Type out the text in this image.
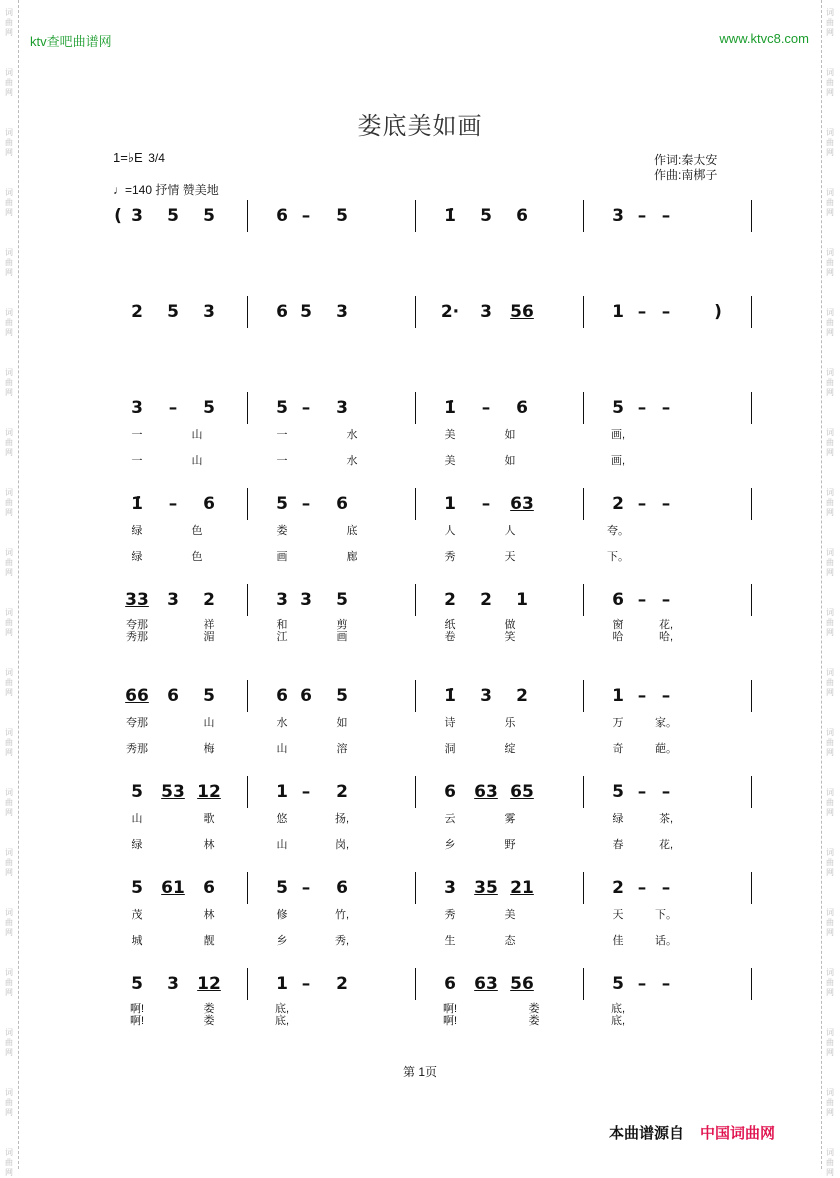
词
曲
网
词
曲
网
词
曲
网
词
曲
网
词
曲
网
词
曲
网
词
曲
网
词
曲
网
词
曲
网
词
曲
网
词
曲
网
词
曲
网
词
曲
网
词
曲
网
词
曲
网
词
曲
网
词
曲
网
词
曲
网
词
曲
网
词
曲
网
词
曲
网
词
曲
网
词
曲
网
词
曲
网
词
曲
网
词
曲
网
词
曲
网
词
曲
网
词
曲
网
词
曲
网
词
曲
网
词
曲
网
词
曲
网
词
曲
网
词
曲
网
词
曲
网
词
曲
网
词
曲
网
词
曲
网
词
曲
网
ktv查吧曲谱网	www.ktvc8.com
娄底美如画
1=♭E 3/4
♩=140 抒情 赞美地
作词:秦太安
作曲:南梆子
( 3 5 5	6 – 5	1̇ 5 6	3 – –
2 5 3	6 5 3	2· 3 56	1 – –	)
3 – 5	5 – 3	1̇ – 6	5 – –
一	山	一	水	美	如	画,
一	山	一	水	美	如	画,
1̇ – 6	5 – 6	1 – 63	2 – –
绿	色	娄	底	人	人	夸。
绿	色	画	廊	秀	天	下。
33 3 2	3 3 5	2 2 1	6 – –
夸那	祥	和	剪	纸	做	窗	花,
秀那	湄	江	画	卷	笑	哈	哈,
66 6 5	6 6 5	1̇ 3 2	1 – –
夸那	山	水	如	诗	乐	万	家。
秀那	梅	山	溶	洞	绽	奇	葩。
5 53 12	1 – 2	6 63 65	5 – –
山	歌	悠	扬,	云	雾	绿	茶,
绿	林	山	岗,	乡	野	春	花,
5 61 6	5 – 6	3 35 21	2 – –
茂	林	修	竹,	秀	美	天	下。
城	靓	乡	秀,	生	态	佳	话。
5 3 12	1 – 2	6 63 56	5 – –
啊!	娄	底,	啊!	娄	底,
啊!	娄	底,	啊!	娄	底,
第 1页
本曲谱源自 中国词曲网
